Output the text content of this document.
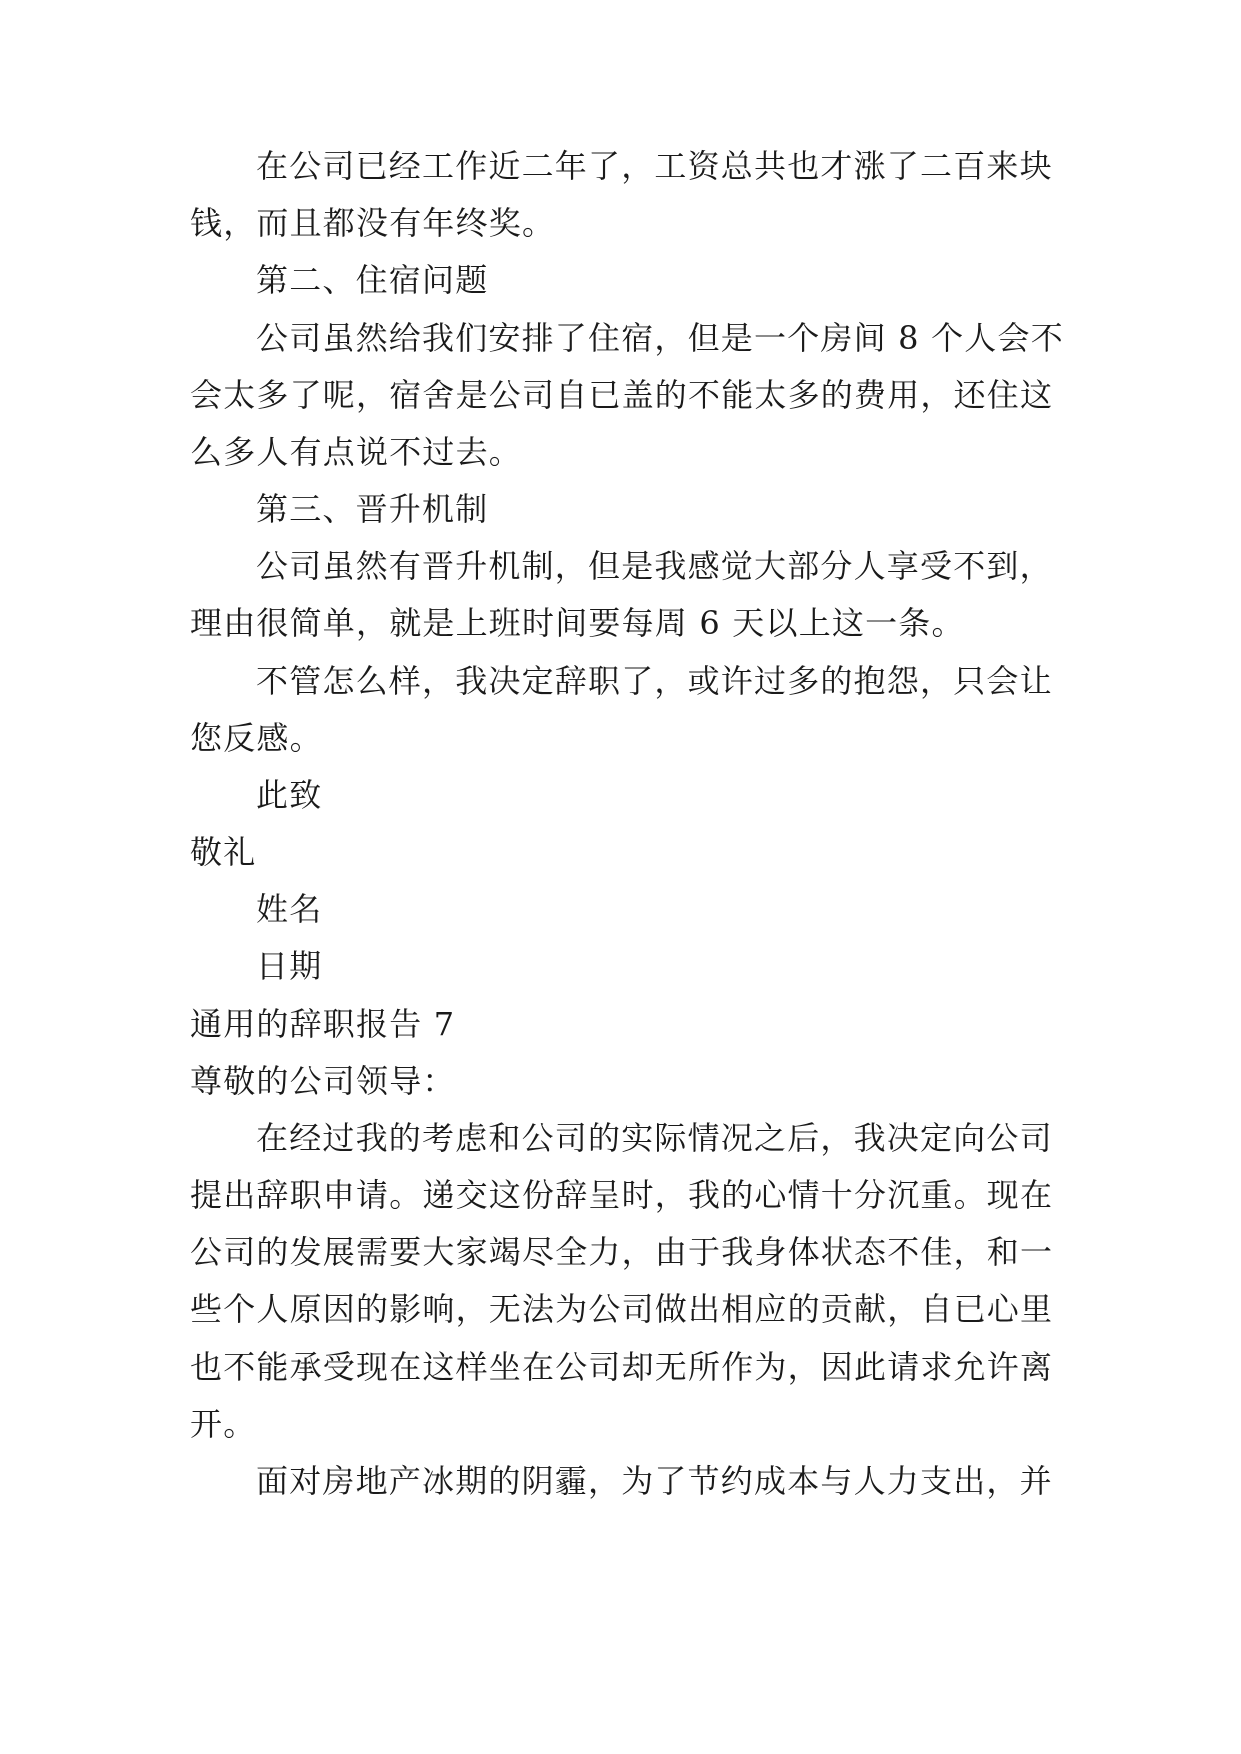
在公司已经工作近二年了，工资总共也才涨了二百来块
钱，而且都没有年终奖。
第二、住宿问题
公司虽然给我们安排了住宿，但是一个房间 8 个人会不
会太多了呢，宿舍是公司自已盖的不能太多的费用，还住这
么多人有点说不过去。
第三、晋升机制
公司虽然有晋升机制，但是我感觉大部分人享受不到，
理由很简单，就是上班时间要每周 6 天以上这一条。
不管怎么样，我决定辞职了，或许过多的抱怨，只会让
您反感。
此致
敬礼
姓名
日期
通用的辞职报告 7
尊敬的公司领导：
在经过我的考虑和公司的实际情况之后，我决定向公司
提出辞职申请。递交这份辞呈时，我的心情十分沉重。现在
公司的发展需要大家竭尽全力，由于我身体状态不佳，和一
些个人原因的影响，无法为公司做出相应的贡献，自已心里
也不能承受现在这样坐在公司却无所作为，因此请求允许离
开。
面对房地产冰期的阴霾，为了节约成本与人力支出，并
